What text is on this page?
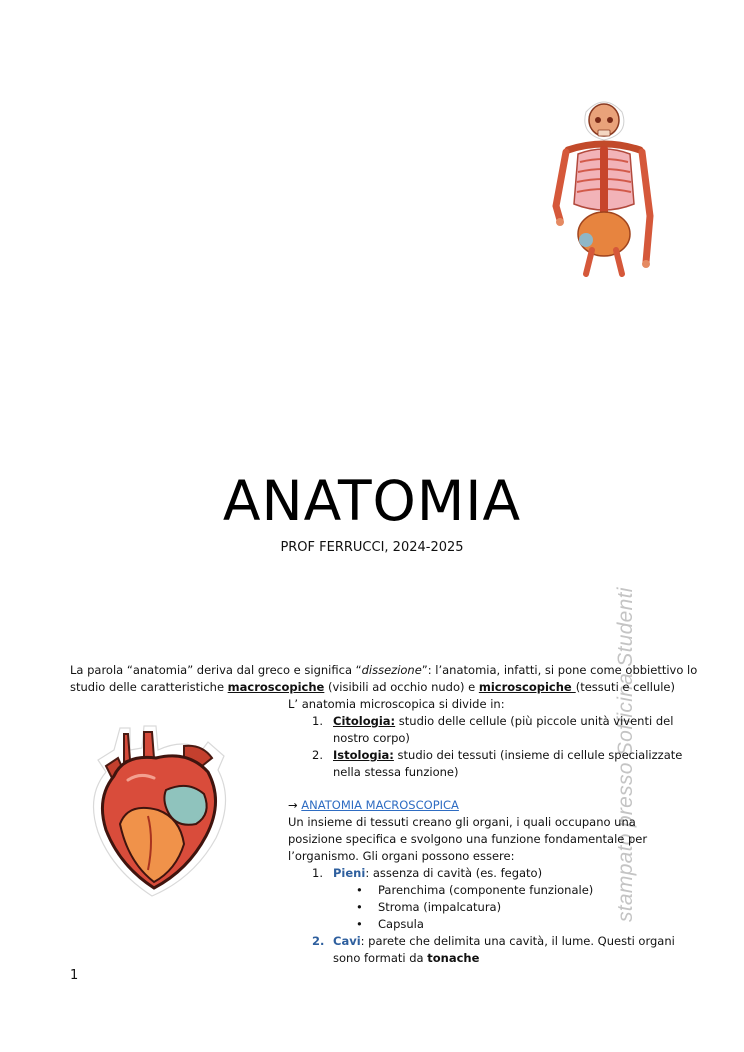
ANATOMIA
PROF FERRUCCI, 2024-2025
stampato presso Sofficina Studenti
La parola “anatomia” deriva dal greco e significa “dissezione”: l’anatomia, infatti, si pone come obbiettivo lo
studio delle caratteristiche macroscopiche (visibili ad occhio nudo) e microscopiche (tessuti e cellule)
L’ anatomia microscopica si divide in:
1. Citologia: studio delle cellule (più piccole unità viventi del
nostro corpo)
2. Istologia: studio dei tessuti (insieme di cellule specializzate
nella stessa funzione)
→ ANATOMIA MACROSCOPICA
Un insieme di tessuti creano gli organi, i quali occupano una
posizione specifica e svolgono una funzione fondamentale per
l’organismo. Gli organi possono essere:
1. Pieni: assenza di cavità (es. fegato)
• Parenchima (componente funzionale)
• Stroma (impalcatura)
• Capsula
2. Cavi: parete che delimita una cavità, il lume. Questi organi
sono formati da tonache
1
